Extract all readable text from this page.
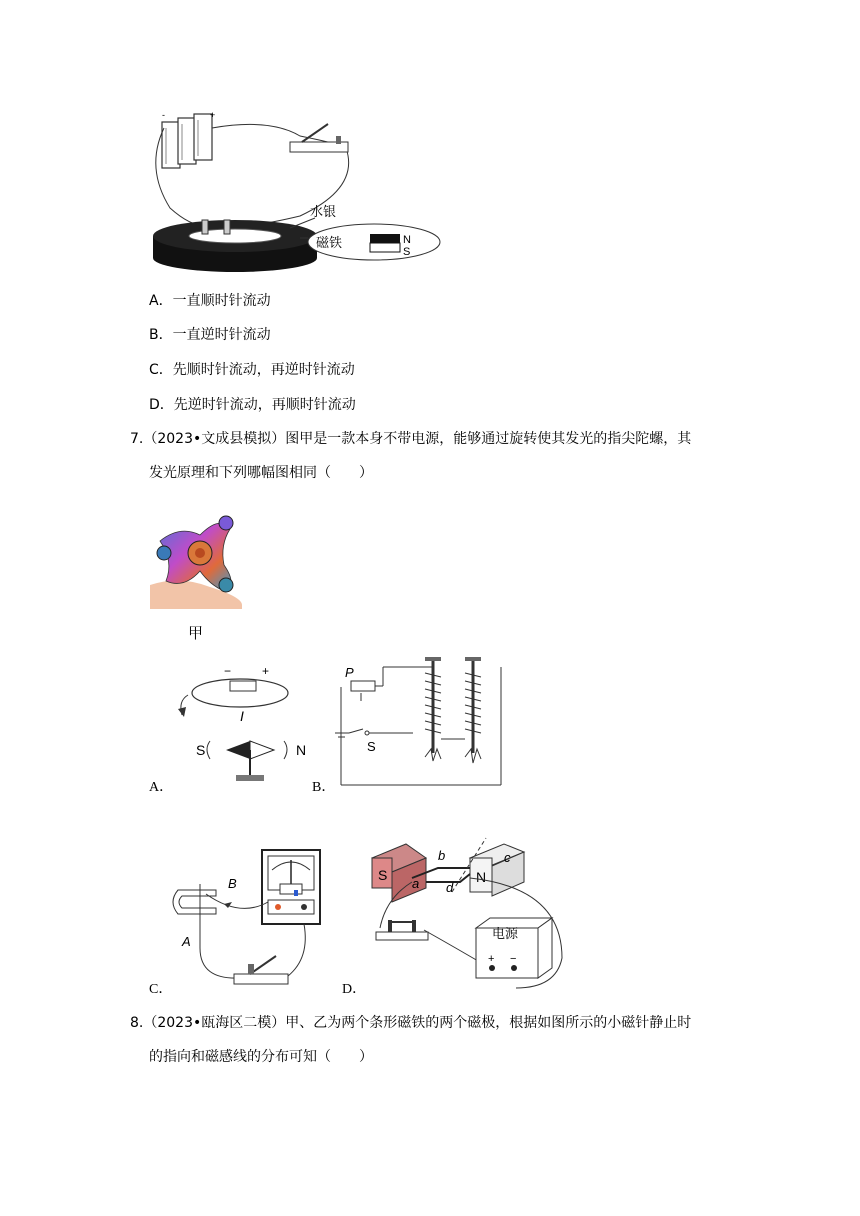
-	+
水银
磁铁	N
S
A．一直顺时针流动
B．一直逆时针流动
C．先顺时针流动，再逆时针流动
D．先逆时针流动，再顺时针流动
7.（2023•文成县模拟）图甲是一款本身不带电源，能够通过旋转使其发光的指尖陀螺，其
发光原理和下列哪幅图相同（　　）
甲
−	+
I
S	N
A．
P
S
B．
B
A
C．
S	N
b	c
a d
电源
+ −
D．
8.（2023•瓯海区二模）甲、乙为两个条形磁铁的两个磁极，根据如图所示的小磁针静止时
的指向和磁感线的分布可知（　　）
